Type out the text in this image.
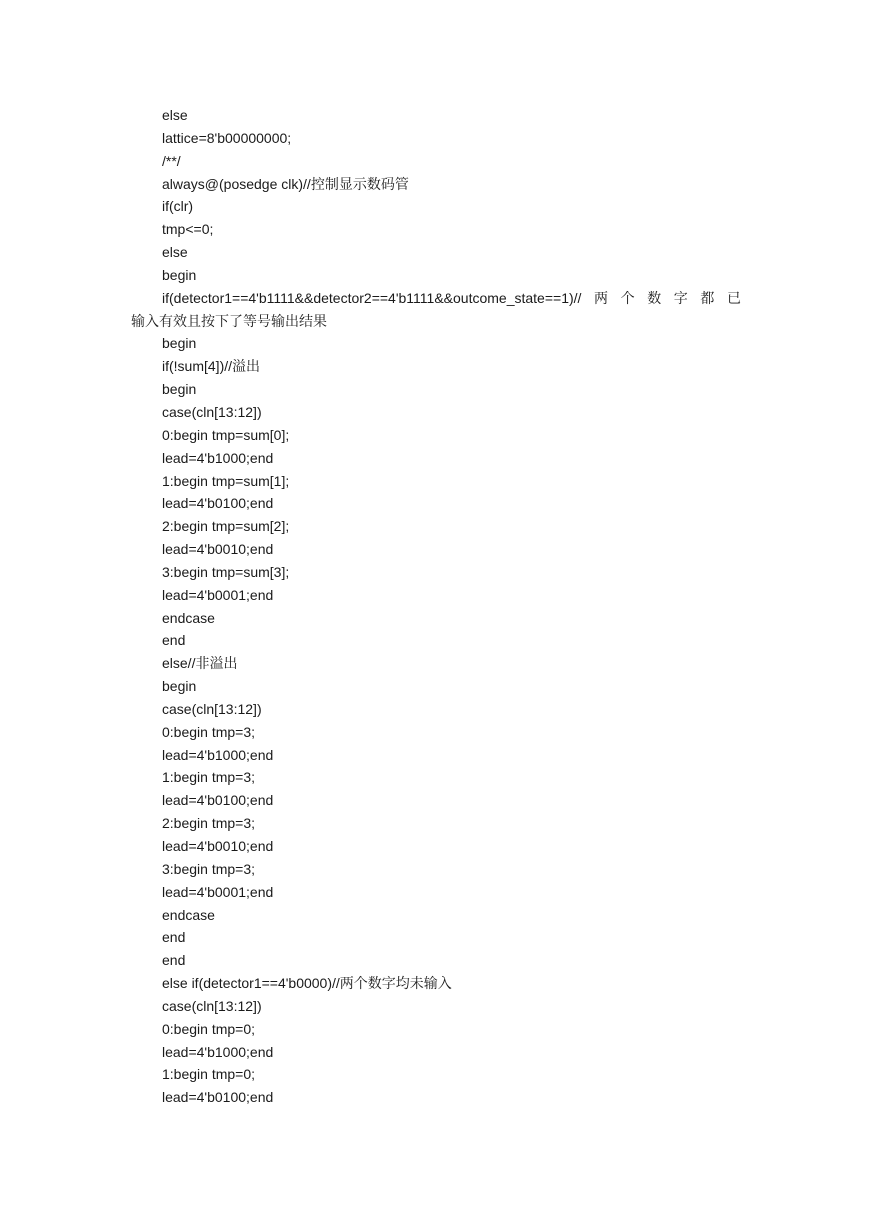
else
lattice=8'b00000000;
/**/
always@(posedge clk)//控制显示数码管
if(clr)
tmp<=0;
else
begin
if(detector1==4'b1111&&detector2==4'b1111&&outcome_state==1)//两个数字都已
输入有效且按下了等号输出结果
begin
if(!sum[4])//溢出
begin
case(cln[13:12])
0:begin tmp=sum[0];
lead=4'b1000;end
1:begin tmp=sum[1];
lead=4'b0100;end
2:begin tmp=sum[2];
lead=4'b0010;end
3:begin tmp=sum[3];
lead=4'b0001;end
endcase
end
else//非溢出
begin
case(cln[13:12])
0:begin tmp=3;
lead=4'b1000;end
1:begin tmp=3;
lead=4'b0100;end
2:begin tmp=3;
lead=4'b0010;end
3:begin tmp=3;
lead=4'b0001;end
endcase
end
end
else if(detector1==4'b0000)//两个数字均未输入
case(cln[13:12])
0:begin tmp=0;
lead=4'b1000;end
1:begin tmp=0;
lead=4'b0100;end
